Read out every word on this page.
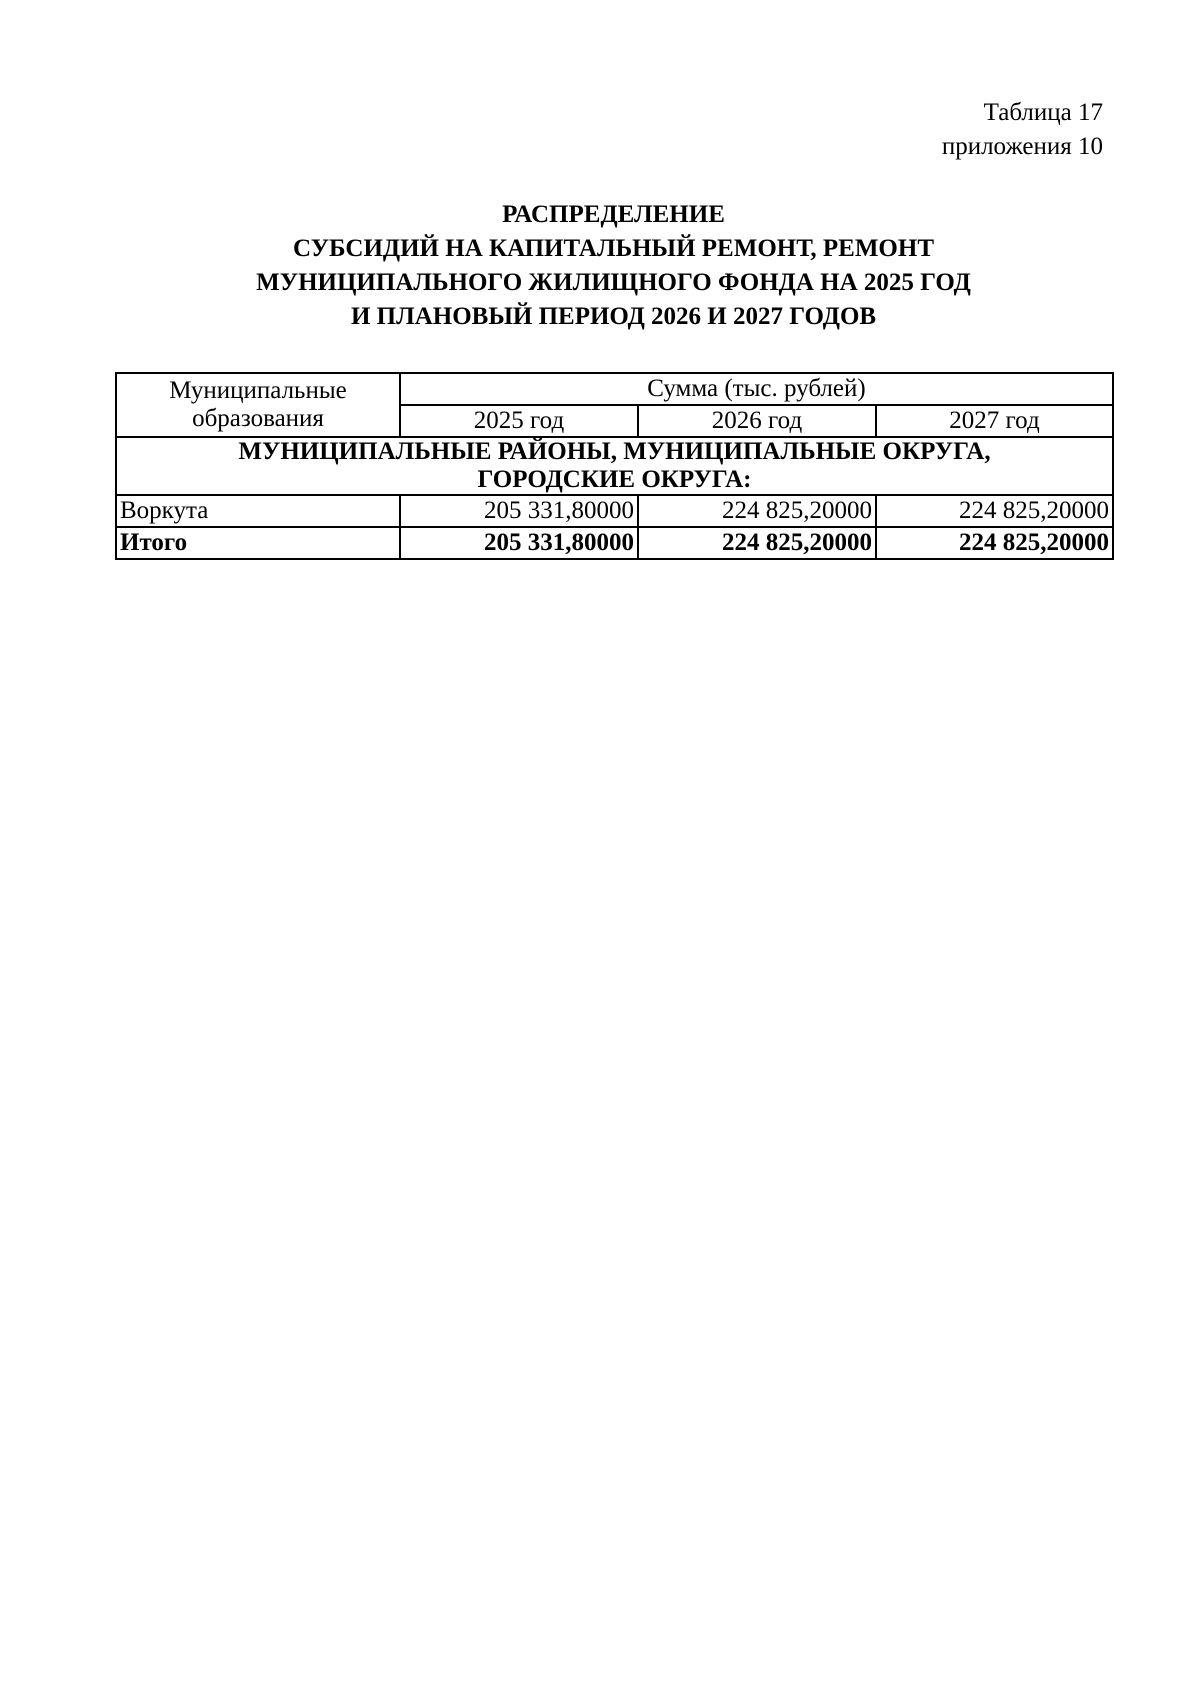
Таблица 17
приложения 10
РАСПРЕДЕЛЕНИЕ
СУБСИДИЙ НА КАПИТАЛЬНЫЙ РЕМОНТ, РЕМОНТ
МУНИЦИПАЛЬНОГО ЖИЛИЩНОГО ФОНДА НА 2025 ГОД
И ПЛАНОВЫЙ ПЕРИОД 2026 И 2027 ГОДОВ
Муниципальные
образования	Сумма (тыс. рублей)		
	2025 год	2026 год	2027 год

МУНИЦИПАЛЬНЫЕ РАЙОНЫ, МУНИЦИПАЛЬНЫЕ ОКРУГА,
ГОРОДСКИЕ ОКРУГА:			

Воркута	205 331,80000	224 825,20000	224 825,20000
Итого	205 331,80000	224 825,20000	224 825,20000
